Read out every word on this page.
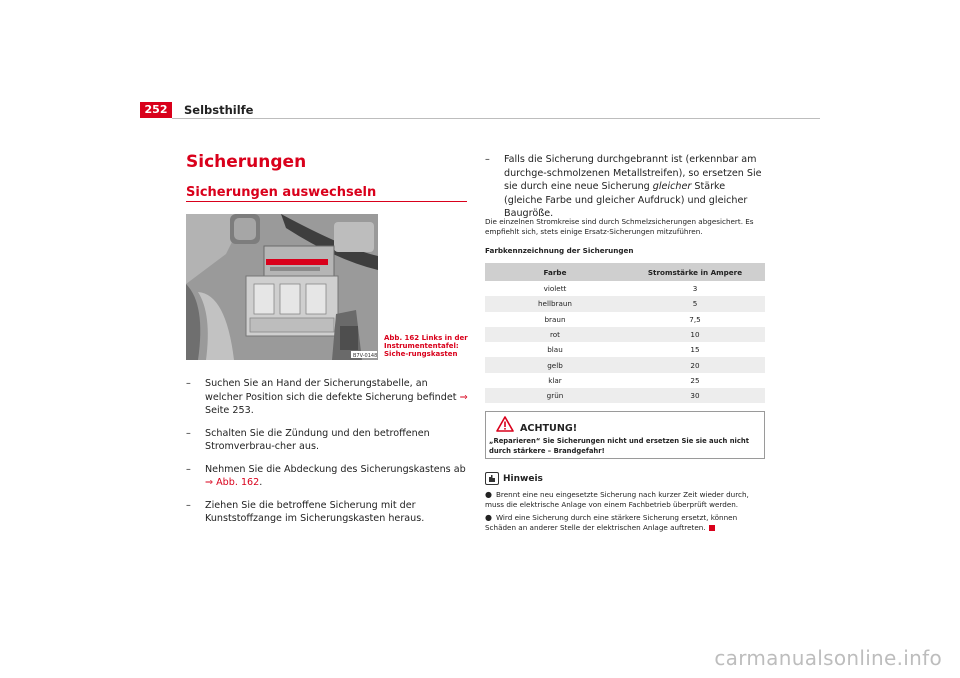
252	Selbsthilfe
Sicherungen
Sicherungen auswechseln
B7V-0148
Abb. 162 Links in der Instrumententafel: Siche-rungskasten
– Suchen Sie an Hand der Sicherungstabelle, an welcher Position sich die defekte Sicherung befindet ⇒ Seite 253.
– Schalten Sie die Zündung und den betroffenen Stromverbrau-cher aus.
– Nehmen Sie die Abdeckung des Sicherungskastens ab
⇒ Abb. 162.
– Ziehen Sie die betroffene Sicherung mit der Kunststoffzange im Sicherungskasten heraus.
– Falls die Sicherung durchgebrannt ist (erkennbar am durchge-schmolzenen Metallstreifen), so ersetzen Sie sie durch eine neue Sicherung gleicher Stärke (gleiche Farbe und gleicher Aufdruck) und gleicher Baugröße.
Die einzelnen Stromkreise sind durch Schmelzsicherungen abgesichert. Es empfiehlt sich, stets einige Ersatz-Sicherungen mitzuführen.
Farbkennzeichnung der Sicherungen
Farbe	Stromstärke in Ampere
violett	3
hellbraun	5
braun	7,5
rot	10
blau	15
gelb	20
klar	25
grün	30
ACHTUNG!
„Reparieren“ Sie Sicherungen nicht und ersetzen Sie sie auch nicht durch stärkere – Brandgefahr!
Hinweis
● Brennt eine neu eingesetzte Sicherung nach kurzer Zeit wieder durch, muss die elektrische Anlage von einem Fachbetrieb überprüft werden.
● Wird eine Sicherung durch eine stärkere Sicherung ersetzt, können Schäden an anderer Stelle der elektrischen Anlage auftreten.
carmanualsonline.info
